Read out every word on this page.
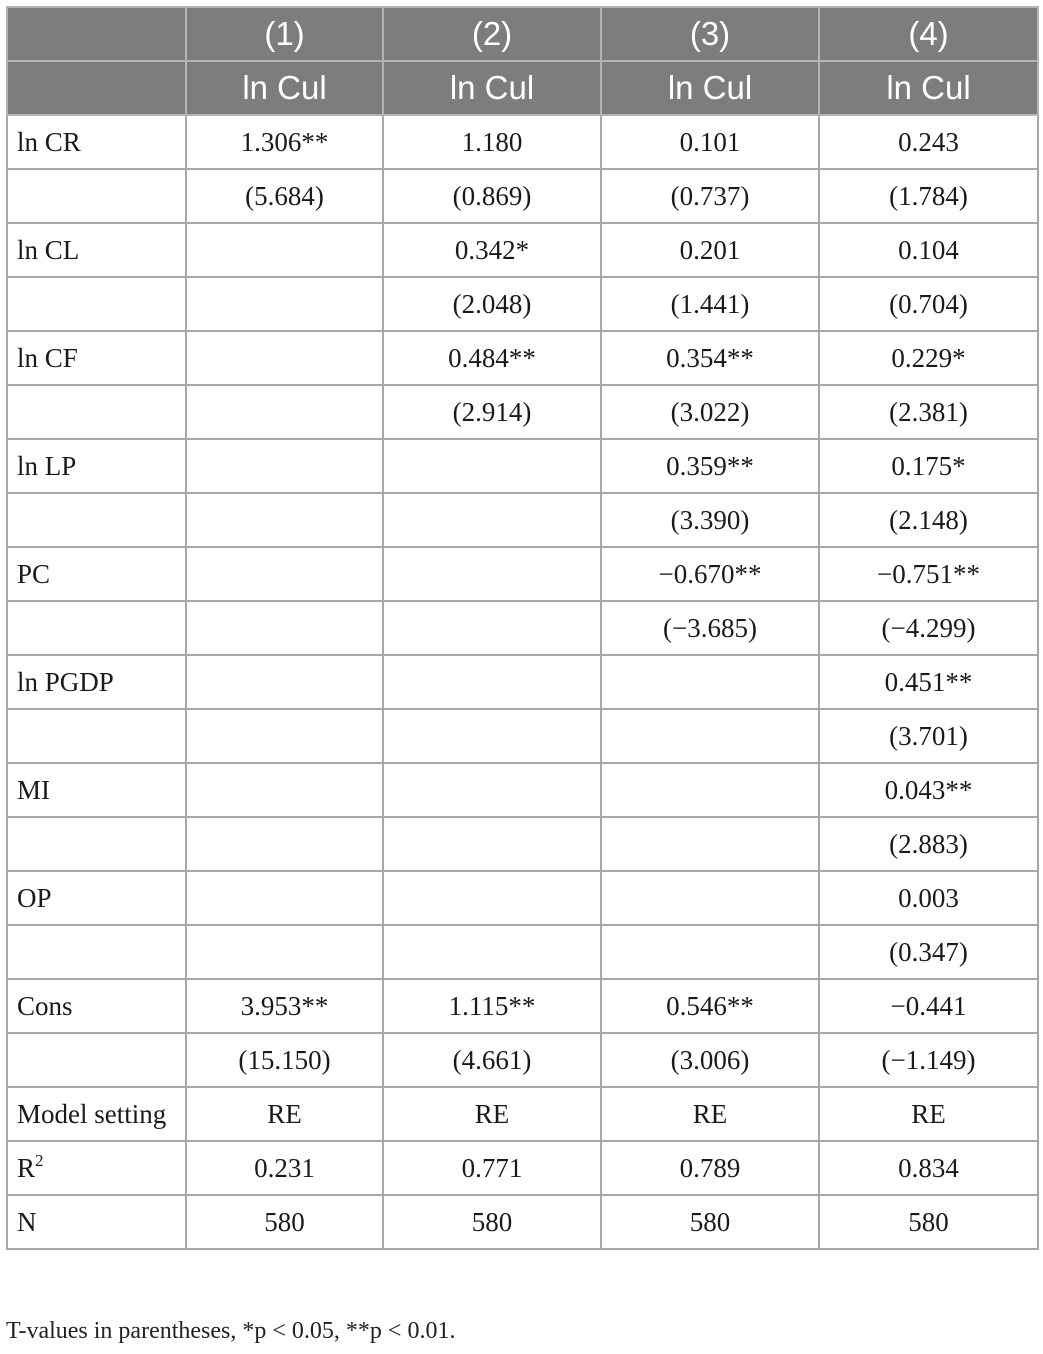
	(1)	(2)	(3)	(4)
	ln Cul	ln Cul	ln Cul	ln Cul
ln CR	1.306**	1.180	0.101	0.243
	(5.684)	(0.869)	(0.737)	(1.784)
ln CL		0.342*	0.201	0.104
		(2.048)	(1.441)	(0.704)
ln CF		0.484**	0.354**	0.229*
		(2.914)	(3.022)	(2.381)
ln LP			0.359**	0.175*
			(3.390)	(2.148)
PC			−0.670**	−0.751**
			(−3.685)	(−4.299)
ln PGDP				0.451**
				(3.701)
MI				0.043**
				(2.883)
OP				0.003
				(0.347)
Cons	3.953**	1.115**	0.546**	−0.441
	(15.150)	(4.661)	(3.006)	(−1.149)
Model setting	RE	RE	RE	RE
$R^2$	0.231	0.771	0.789	0.834
N	580	580	580	580
T-values in parentheses, *p < 0.05, **p < 0.01.
